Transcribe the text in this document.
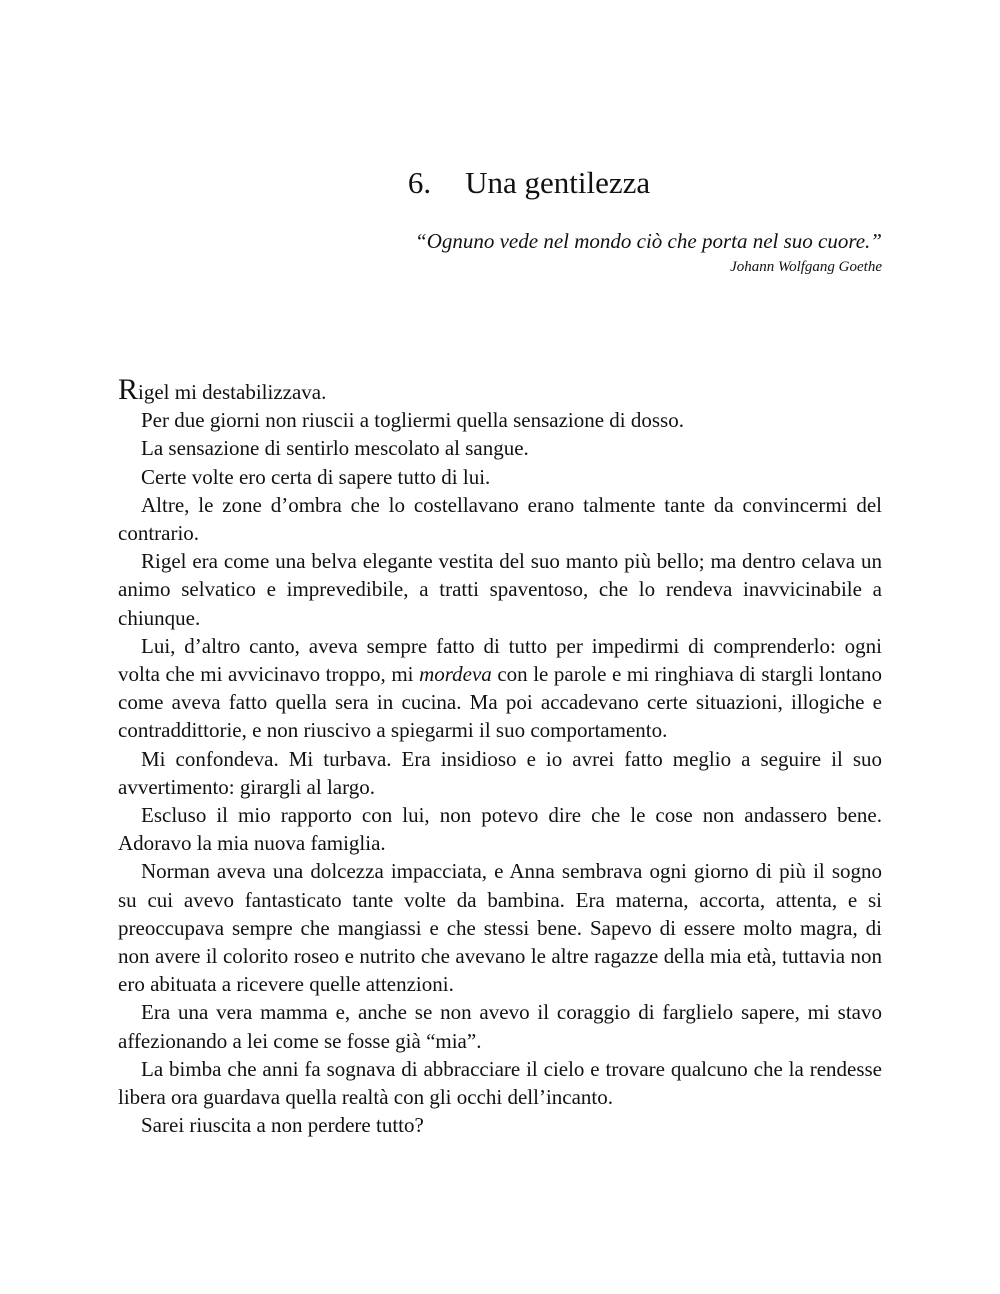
6. Una gentilezza
“Ognuno vede nel mondo ciò che porta nel suo cuore.”
Johann Wolfgang Goethe

Rigel mi destabilizzava.

Per due giorni non riuscii a togliermi quella sensazione di dosso.

La sensazione di sentirlo mescolato al sangue.

Certe volte ero certa di sapere tutto di lui.

Altre, le zone d’ombra che lo costellavano erano talmente tante da convincermi del contrario.

Rigel era come una belva elegante vestita del suo manto più bello; ma dentro celava un animo selvatico e imprevedibile, a tratti spaventoso, che lo rendeva inavvicinabile a chiunque.

Lui, d’altro canto, aveva sempre fatto di tutto per impedirmi di comprenderlo: ogni volta che mi avvicinavo troppo, mi mordeva con le parole e mi ringhiava di stargli lontano come aveva fatto quella sera in cucina. Ma poi accadevano certe situazioni, illogiche e contraddittorie, e non riuscivo a spiegarmi il suo comportamento.

Mi confondeva. Mi turbava. Era insidioso e io avrei fatto meglio a seguire il suo avvertimento: girargli al largo.

Escluso il mio rapporto con lui, non potevo dire che le cose non andassero bene. Adoravo la mia nuova famiglia.

Norman aveva una dolcezza impacciata, e Anna sembrava ogni giorno di più il sogno su cui avevo fantasticato tante volte da bambina. Era materna, accorta, attenta, e si preoccupava sempre che mangiassi e che stessi bene. Sapevo di essere molto magra, di non avere il colorito roseo e nutrito che avevano le altre ragazze della mia età, tuttavia non ero abituata a ricevere quelle attenzioni.

Era una vera mamma e, anche se non avevo il coraggio di farglielo sapere, mi stavo affezionando a lei come se fosse già “mia”.

La bimba che anni fa sognava di abbracciare il cielo e trovare qualcuno che la rendesse libera ora guardava quella realtà con gli occhi dell’incanto.

Sarei riuscita a non perdere tutto?
